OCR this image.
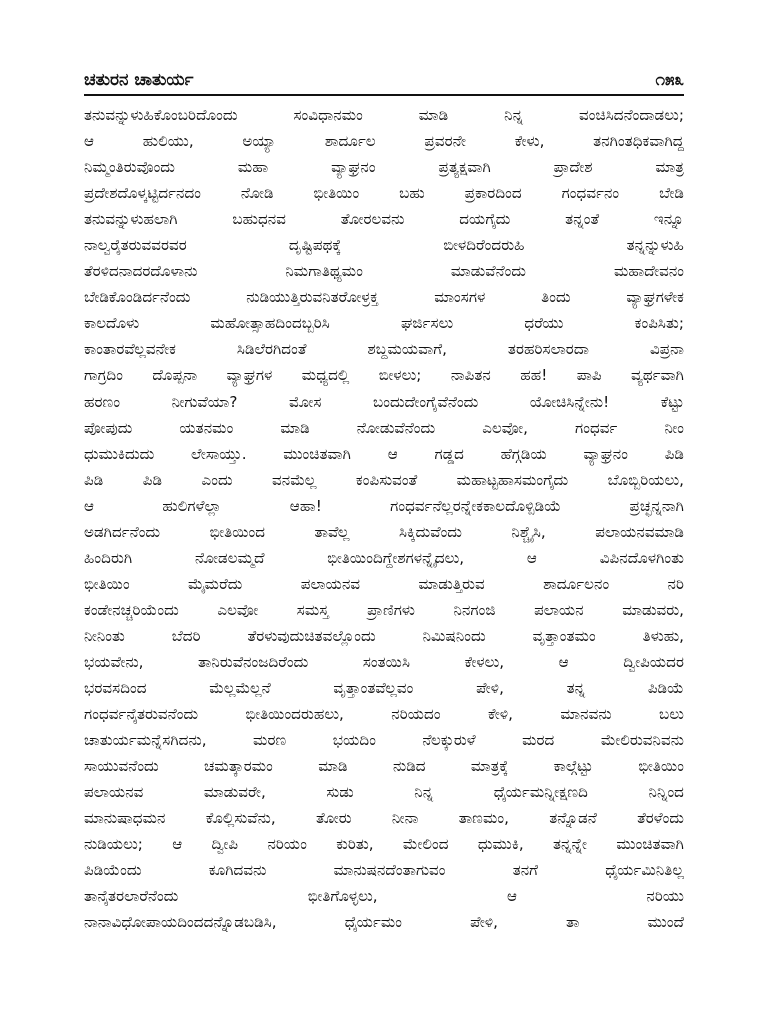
ಚತುರನ ಚಾತುರ್ಯ	೧೫೩
ತನುವನ್ನುಳುಹಿಕೊಂಬರಿದೊಂದು ಸಂವಿಧಾನಮಂ ಮಾಡಿ ನಿನ್ನ ವಂಚಿಸಿದನೆಂದಾಡಲು;
ಆ ಹುಲಿಯು, ಅಯ್ಯಾ ಶಾರ್ದೂಲ ಪ್ರವರನೇ ಕೇಳು, ತನಗಿಂತಧಿಕವಾಗಿದ್ದ
ನಿಮ್ಮಂತಿರುವೊಂದು ಮಹಾ ವ್ಯಾಘ್ರನಂ ಪ್ರತ್ಯಕ್ಷವಾಗಿ ಪ್ರಾದೇಶ ಮಾತ್ರ
ಪ್ರದೇಶದೊಳ್ಕಟ್ಟಿರ್ದನದಂ ನೋಡಿ ಭೀತಿಯಿಂ ಬಹು ಪ್ರಕಾರದಿಂದ ಗಂಧರ್ವನಂ ಬೇಡಿ
ತನುವನ್ನುಳುಹಲಾಗಿ ಬಹುಧನವ ತೋರಲವನು ದಯಗೈದು ತನ್ನಂತೆ ಇನ್ನೂ
ನಾಲ್ವರೈತರುವವರವರ ದೃಷ್ಟಿಪಥಕ್ಕೆ ಬೀಳದಿರೆಂದರುಹಿ ತನ್ನನ್ನುಳುಹಿ
ತೆರಳಿದನಾದರದೊಳಾನು ನಿಮಗಾತಿಥ್ಯಮಂ ಮಾಡುವೆನೆಂದು ಮಹಾದೇವನಂ
ಬೇಡಿಕೊಂಡಿರ್ದನೆಂದು ನುಡಿಯುತ್ತಿರುವನಿತರೋಳ್ರಕ್ತ ಮಾಂಸಗಳ ತಿಂದು ವ್ಯಾಘ್ರಗಳೇಕ
ಕಾಲದೊಳು ಮಹೋತ್ಸಾಹದಿಂದಬ್ಬರಿಸಿ ಘರ್ಜಿಸಲು ಧರೆಯು ಕಂಪಿಸಿತು;
ಕಾಂತಾರವೆಲ್ಲವನೇಕ ಸಿಡಿಲೆರಗಿದಂತೆ ಶಬ್ದಮಯವಾಗೆ, ತರಹರಿಸಲಾರದಾ ವಿಪ್ರನಾ
ಗಾಗ್ರದಿಂ ದೊಪ್ಪನಾ ವ್ಯಾಘ್ರಗಳ ಮಧ್ಯದಲ್ಲಿ ಬೀಳಲು; ನಾಪಿತನ ಹಹ! ಪಾಪಿ ವ್ಯರ್ಥವಾಗಿ
ಹರಣಂ ನೀಗುವೆಯಾ? ಮೋಸ ಬಂದುದೇಂಗೈವೆನೆಂದು ಯೋಚಿಸಿನ್ನೇನು! ಕೆಟ್ಟು
ಪೋಪುದು ಯತನಮಂ ಮಾಡಿ ನೋಡುವೆನೆಂದು ಎಲವೋ, ಗಂಧರ್ವ ನೀಂ
ಧುಮುಕಿದುದು ಲೇಸಾಯ್ತು. ಮುಂಚಿತವಾಗಿ ಆ ಗಡ್ಡದ ಹೆಗ್ಗಡಿಯ ವ್ಯಾಘ್ರನಂ ಪಿಡಿ
ಪಿಡಿ ಪಿಡಿ ಎಂದು ವನಮೆಲ್ಲ ಕಂಪಿಸುವಂತೆ ಮಹಾಟ್ಟಹಾಸಮಂಗೈದು ಬೊಬ್ಬಿರಿಯಲು,
ಆ ಹುಲಿಗಳೆಲ್ಲಾ ಆಹಾ! ಗಂಧರ್ವನೆಲ್ಲರನ್ನೇಕಕಾಲದೊಳ್ಪಿಡಿಯೆ ಪ್ರಚ್ಛನ್ನನಾಗಿ
ಅಡಗಿರ್ದನೆಂದು ಭೀತಿಯಿಂದ ತಾವೆಲ್ಲ ಸಿಕ್ಕಿದುವೆಂದು ನಿಶ್ಚೈಸಿ, ಪಲಾಯನವಮಾಡಿ
ಹಿಂದಿರುಗಿ ನೋಡಲಮ್ಮದೆ ಭೀತಿಯಿಂದಿಗ್ದೇಶಗಳನ್ನೈದಲು, ಆ ವಿಪಿನದೊಳಗಿಂತು
ಭೀತಿಯಿಂ ಮೈಮರೆದು ಪಲಾಯನವ ಮಾಡುತ್ತಿರುವ ಶಾರ್ದೂಲನಂ ನರಿ
ಕಂಡೇನಚ್ಚರಿಯೆಂದು ಎಲವೋ ಸಮಸ್ತ ಪ್ರಾಣಿಗಳು ನಿನಗಂಜಿ ಪಲಾಯನ ಮಾಡುವರು,
ನೀನಿಂತು ಬೆದರಿ ತೆರಳುವುದುಚಿತವಲ್ಲೊಂದು ನಿಮಿಷನಿಂದು ವೃತ್ತಾಂತಮಂ ತಿಳುಹು,
ಭಯವೇನು, ತಾನಿರುವೆನಂಜದಿರೆಂದು ಸಂತಯಿಸಿ ಕೇಳಲು, ಆ ದ್ವೀಪಿಯದರ
ಭರವಸದಿಂದ ಮೆಲ್ಲಮೆಲ್ಲನೆ ವೃತ್ತಾಂತವೆಲ್ಲವಂ ಪೇಳಿ, ತನ್ನ ಪಿಡಿಯೆ
ಗಂಧರ್ವನೈತರುವನೆಂದು ಭೀತಿಯಿಂದರುಹಲು, ನರಿಯದಂ ಕೇಳಿ, ಮಾನವನು ಬಲು
ಚಾತುರ್ಯಮನ್ನೆಸಗಿದನು, ಮರಣ ಭಯದಿಂ ನೆಲಕ್ಕುರುಳೆ ಮರದ ಮೇಲಿರುವನಿವನು
ಸಾಯುವನೆಂದು ಚಮತ್ಕಾರಮಂ ಮಾಡಿ ನುಡಿದ ಮಾತ್ರಕ್ಕೆ ಕಾಲ್ಗೆಟ್ಟು ಭೀತಿಯಿಂ
ಪಲಾಯನವ ಮಾಡುವರೇ, ಸುಡು ನಿನ್ನ ಧೈರ್ಯಮನ್ನೀಕ್ಷಣದಿ ನಿನ್ನಿಂದ
ಮಾನುಷಾಧಮನ ಕೊಲ್ಲಿಸುವೆನು, ತೋರು ನೀನಾ ತಾಣಮಂ, ತನ್ನೊಡನೆ ತೆರಳೆಂದು
ನುಡಿಯಲು; ಆ ದ್ವೀಪಿ ನರಿಯಂ ಕುರಿತು, ಮೇಲಿಂದ ಧುಮುಕಿ, ತನ್ನನ್ನೇ ಮುಂಚಿತವಾಗಿ
ಪಿಡಿಯೆಂದು ಕೂಗಿದವನು ಮಾನುಷನದೆಂತಾಗುವಂ ತನಗೆ ಧೈರ್ಯಮಿನಿತಿಲ್ಲ
ತಾನೈತರಲಾರೆನೆಂದು ಭೀತಿಗೊಳ್ಳಲು, ಆ ನರಿಯು
ನಾನಾವಿಧೋಪಾಯದಿಂದದನ್ನೊಡಬಡಿಸಿ, ಧೈರ್ಯಮಂ ಪೇಳಿ, ತಾ ಮುಂದೆ
